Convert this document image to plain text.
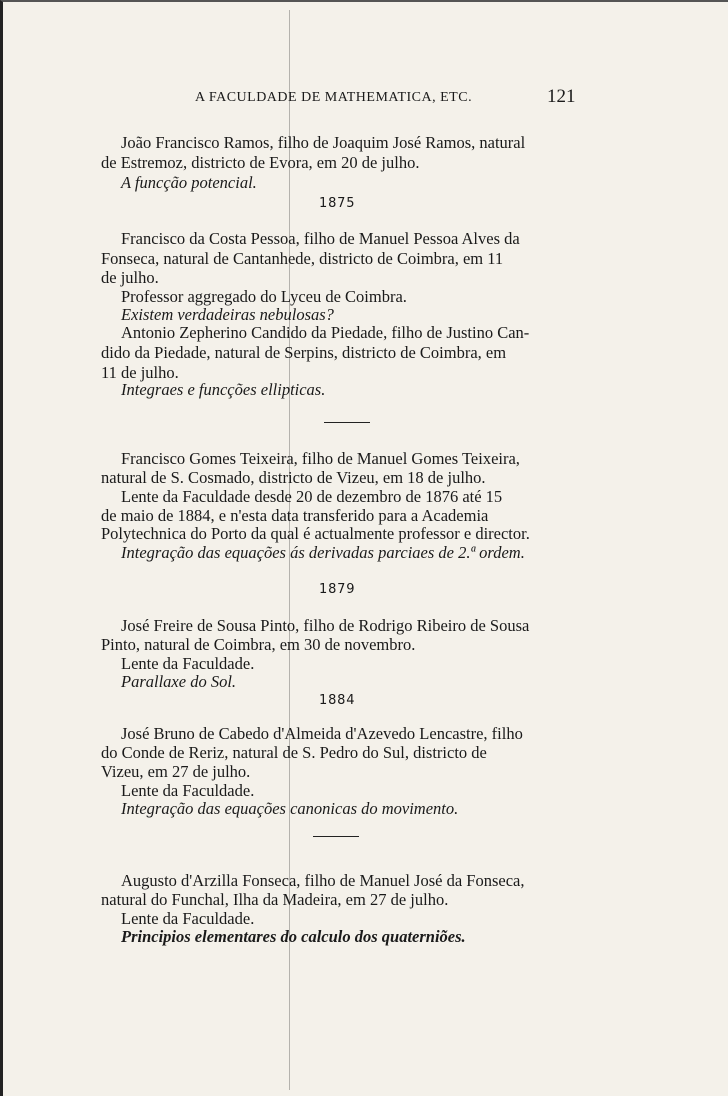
A FACULDADE DE MATHEMATICA, ETC.	121
João Francisco Ramos, filho de Joaquim José Ramos, natural
de Estremoz, districto de Evora, em 20 de julho.
A funcção potencial.
1875
Francisco da Costa Pessoa, filho de Manuel Pessoa Alves da
Fonseca, natural de Cantanhede, districto de Coimbra, em 11
de julho.
Professor aggregado do Lyceu de Coimbra.
Existem verdadeiras nebulosas?
Antonio Zepherino Candido da Piedade, filho de Justino Can-
dido da Piedade, natural de Serpins, districto de Coimbra, em
11 de julho.
Integraes e funcções ellipticas.
Francisco Gomes Teixeira, filho de Manuel Gomes Teixeira,
natural de S. Cosmado, districto de Vizeu, em 18 de julho.
Lente da Faculdade desde 20 de dezembro de 1876 até 15
de maio de 1884, e n'esta data transferido para a Academia
Polytechnica do Porto da qual é actualmente professor e director.
Integração das equações ás derivadas parciaes de 2.ª ordem.
1879
José Freire de Sousa Pinto, filho de Rodrigo Ribeiro de Sousa
Pinto, natural de Coimbra, em 30 de novembro.
Lente da Faculdade.
Parallaxe do Sol.
1884
José Bruno de Cabedo d'Almeida d'Azevedo Lencastre, filho
do Conde de Reriz, natural de S. Pedro do Sul, districto de
Vizeu, em 27 de julho.
Lente da Faculdade.
Integração das equações canonicas do movimento.
Augusto d'Arzilla Fonseca, filho de Manuel José da Fonseca,
natural do Funchal, Ilha da Madeira, em 27 de julho.
Lente da Faculdade.
Principios elementares do calculo dos quaterniões.
